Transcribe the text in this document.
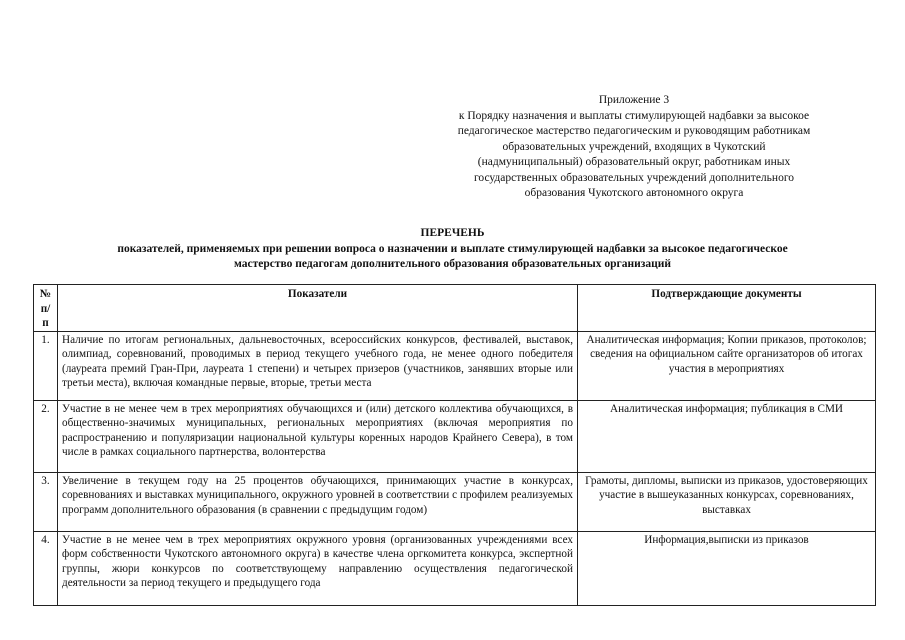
Приложение 3
к Порядку назначения и выплаты стимулирующей надбавки за высокое
педагогическое мастерство педагогическим и руководящим работникам
образовательных учреждений, входящих в Чукотский
(надмуниципальный) образовательный округ, работникам иных
государственных образовательных учреждений дополнительного
образования Чукотского автономного округа
ПЕРЕЧЕНЬ
показателей, применяемых при решении вопроса о назначении и выплате стимулирующей надбавки за высокое педагогическое
мастерство педагогам дополнительного образования образовательных организаций
№ п/п	Показатели	Подтверждающие документы
1.	Наличие по итогам региональных, дальневосточных, всероссийских конкурсов, фестивалей, выставок, олимпиад, соревнований, проводимых в период текущего учебного года, не менее одного победителя (лауреата премий Гран-При, лауреата 1 степени) и четырех призеров (участников, занявших вторые или третьи места), включая командные первые, вторые, третьи места	Аналитическая информация; Копии приказов, протоколов; сведения на официальном сайте организаторов об итогах участия в мероприятиях
2.	Участие в не менее чем в трех мероприятиях обучающихся и (или) детского коллектива обучающихся, в общественно-значимых муниципальных, региональных мероприятиях (включая мероприятия по распространению и популяризации национальной культуры коренных народов Крайнего Севера), в том числе в рамках социального партнерства, волонтерства	Аналитическая информация; публикация в СМИ
3.	Увеличение в текущем году на 25 процентов обучающихся, принимающих участие в конкурсах, соревнованиях и выставках муниципального, окружного уровней в соответствии с профилем реализуемых программ дополнительного образования (в сравнении с предыдущим годом)	Грамоты, дипломы, выписки из приказов, удостоверяющих участие в вышеуказанных конкурсах, соревнованиях, выставках
4.	Участие в не менее чем в трех мероприятиях окружного уровня (организованных учреждениями всех форм собственности Чукотского автономного округа) в качестве члена оргкомитета конкурса, экспертной группы, жюри конкурсов по соответствующему направлению осуществления педагогической деятельности за период текущего и предыдущего года	Информация,выписки из приказов
